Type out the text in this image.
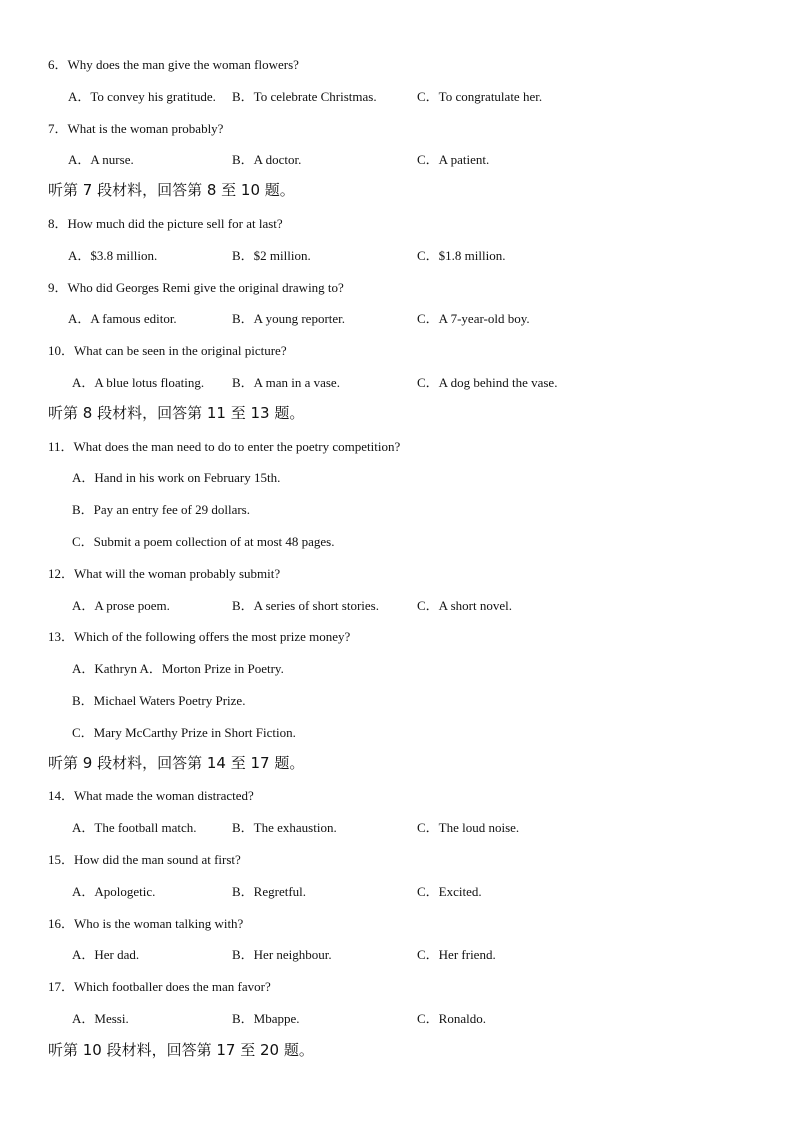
6．Why does the man give the woman flowers?
A．To convey his gratitude. B．To celebrate Christmas.	C．To congratulate her.
7．What is the woman probably?
A．A nurse.	B．A doctor.	C．A patient.
听第 7 段材料，回答第 8 至 10 题。
8．How much did the picture sell for at last?
A．$3.8 million.	B．$2 million.	C．$1.8 million.
9．Who did Georges Remi give the original drawing to?
A．A famous editor.	B．A young reporter.	C．A 7-year-old boy.
10．What can be seen in the original picture?
A．A blue lotus floating. B．A man in a vase.	C．A dog behind the vase.
听第 8 段材料，回答第 11 至 13 题。
11．What does the man need to do to enter the poetry competition?
A．Hand in his work on February 15th.
B．Pay an entry fee of 29 dollars.
C．Submit a poem collection of at most 48 pages.
12．What will the woman probably submit?
A．A prose poem.	B．A series of short stories.	C．A short novel.
13．Which of the following offers the most prize money?
A．Kathryn A．Morton Prize in Poetry.
B．Michael Waters Poetry Prize.
C．Mary McCarthy Prize in Short Fiction.
听第 9 段材料，回答第 14 至 17 题。
14．What made the woman distracted?
A．The football match.	B．The exhaustion.	C．The loud noise.
15．How did the man sound at first?
A．Apologetic.	B．Regretful.	C．Excited.
16．Who is the woman talking with?
A．Her dad.	B．Her neighbour.	C．Her friend.
17．Which footballer does the man favor?
A．Messi.	B．Mbappe.	C．Ronaldo.
听第 10 段材料，回答第 17 至 20 题。
